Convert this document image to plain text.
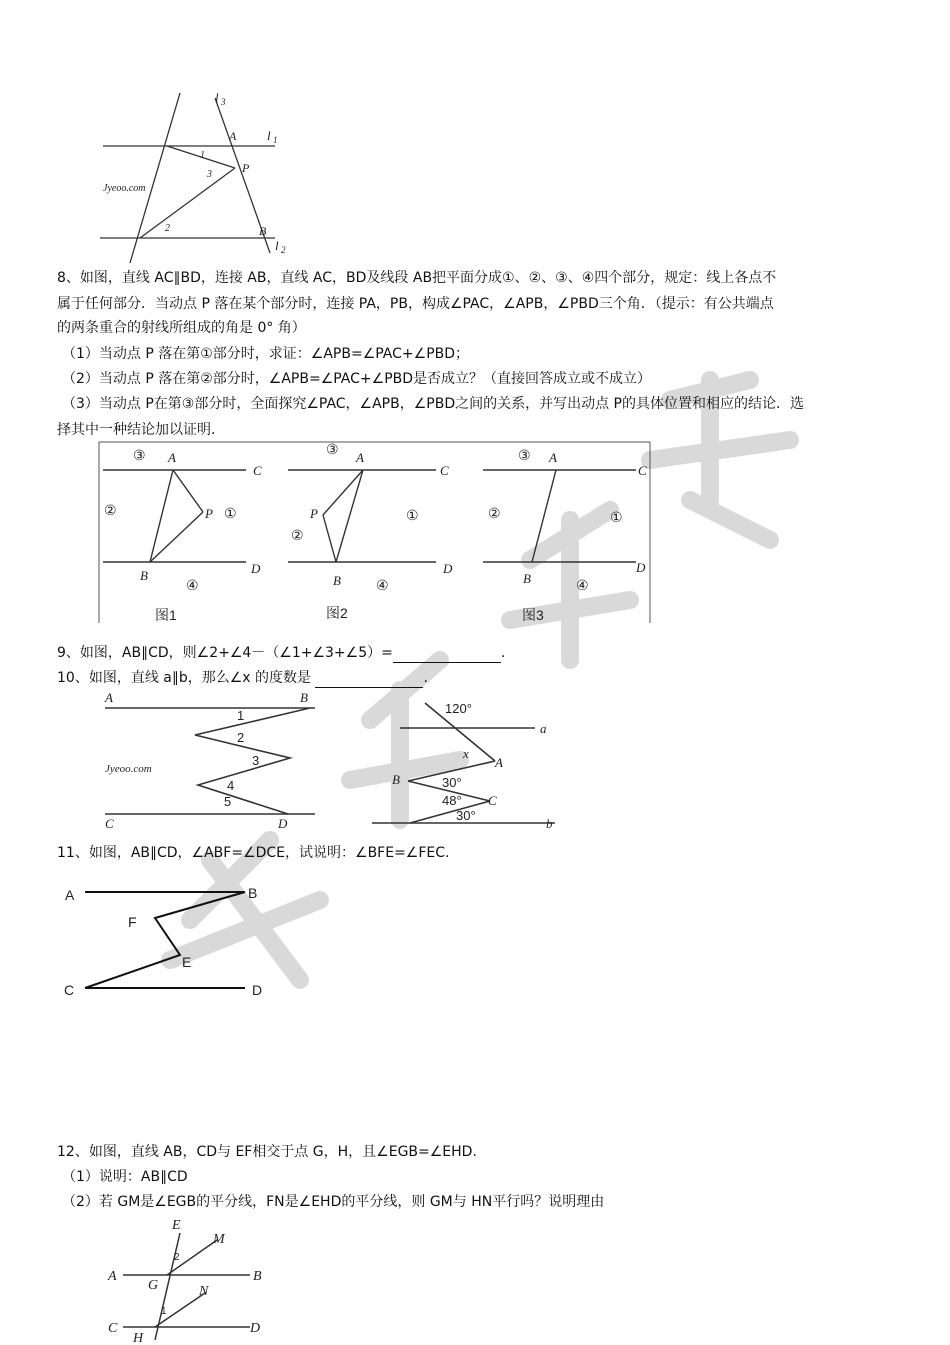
l 3
A l 1
1
3	P
Jyeoo.com
2	B
l 2
8、如图，直线 AC∥BD，连接 AB，直线 AC，BD及线段 AB把平面分成①、②、③、④四个部分，规定：线上各点不
属于任何部分．当动点 P 落在某个部分时，连接 PA，PB，构成∠PAC，∠APB，∠PBD三个角．（提示：有公共端点
的两条重合的射线所组成的角是 0° 角）
（1）当动点 P 落在第①部分时，求证：∠APB=∠PAC+∠PBD；
（2）当动点 P 落在第②部分时，∠APB=∠PAC+∠PBD是否成立？（直接回答成立或不成立）
（3）当动点 P在第③部分时，全面探究∠PAC，∠APB，∠PBD之间的关系，并写出动点 P的具体位置和相应的结论．选
择其中一种结论加以证明.
③ A
C
②	P ①
B	D
④
图1
③
A
C
P
②
①
B
D
④
图2
③ A
C
②	①
B
D
④
图3
9、如图，AB∥CD，则∠2+∠4－（∠1+∠3+∠5）=	.
10、如图，直线 a∥b，那么∠x 的度数是	.
A	B
1
2
3
Jyeoo.com
4
5
C	D
120°
a
x
A
B	30°
48° C
30°
b
11、如图，AB∥CD，∠ABF=∠DCE，试说明：∠BFE=∠FEC.
A	B
F
E
C	D
12、如图，直线 AB，CD与 EF相交于点 G，H，且∠EGB=∠EHD.
（1）说明：AB∥CD
（2）若 GM是∠EGB的平分线，FN是∠EHD的平分线，则 GM与 HN平行吗？说明理由
E
M
2
A
G
B
N
1
C
H
D
